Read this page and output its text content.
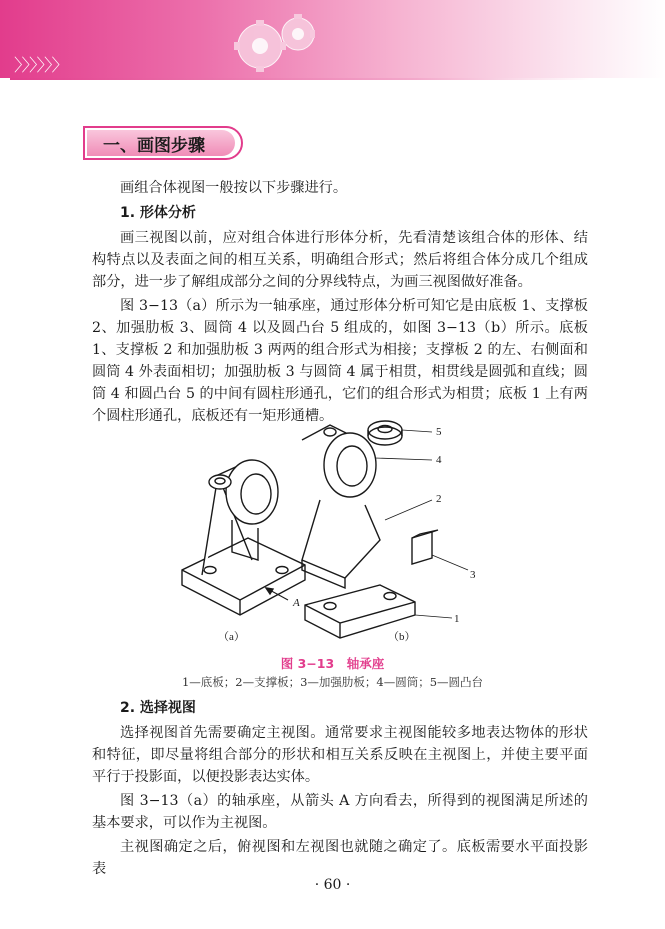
〉〉〉〉〉〉
一、画图步骤
画组合体视图一般按以下步骤进行。
1. 形体分析
画三视图以前，应对组合体进行形体分析，先看清楚该组合体的形体、结构特点以及表面之间的相互关系，明确组合形式；然后将组合体分成几个组成部分，进一步了解组成部分之间的分界线特点，为画三视图做好准备。
图 3−13（a）所示为一轴承座，通过形体分析可知它是由底板 1、支撑板 2、加强肋板 3、圆筒 4 以及圆凸台 5 组成的，如图 3−13（b）所示。底板 1、支撑板 2 和加强肋板 3 两两的组合形式为相接；支撑板 2 的左、右侧面和圆筒 4 外表面相切；加强肋板 3 与圆筒 4 属于相贯，相贯线是圆弧和直线；圆筒 4 和圆凸台 5 的中间有圆柱形通孔，它们的组合形式为相贯；底板 1 上有两个圆柱形通孔，底板还有一矩形通槽。
A
5
4
2
3
1
（a）	（b）
图 3−13　轴承座
1—底板；2—支撑板；3—加强肋板；4—圆筒；5—圆凸台
2. 选择视图
选择视图首先需要确定主视图。通常要求主视图能较多地表达物体的形状和特征，即尽量将组合部分的形状和相互关系反映在主视图上，并使主要平面平行于投影面，以便投影表达实体。
图 3−13（a）的轴承座，从箭头 A 方向看去，所得到的视图满足所述的基本要求，可以作为主视图。
主视图确定之后，俯视图和左视图也就随之确定了。底板需要水平面投影表
· 60 ·
